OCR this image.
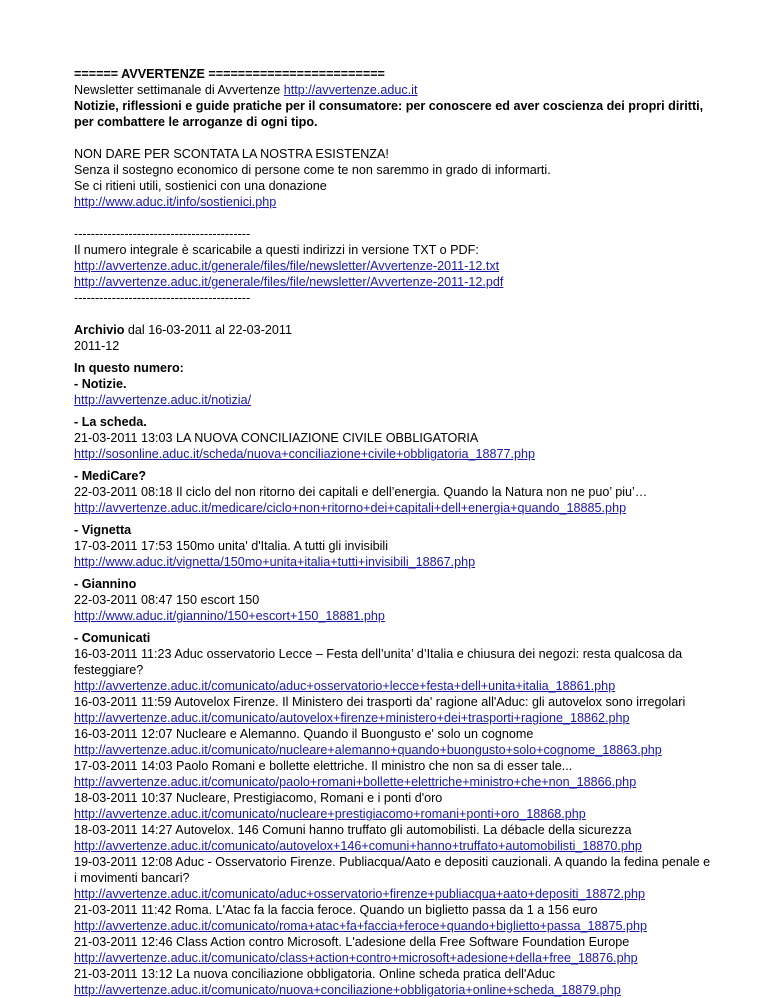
====== AVVERTENZE ========================
Newsletter settimanale di Avvertenze http://avvertenze.aduc.it
Notizie, riflessioni e guide pratiche per il consumatore: per conoscere ed aver coscienza dei propri diritti, per combattere le arroganze di ogni tipo.
NON DARE PER SCONTATA LA NOSTRA ESISTENZA!
Senza il sostegno economico di persone come te non saremmo in grado di informarti.
Se ci ritieni utili, sostienici con una donazione
http://www.aduc.it/info/sostienici.php
------------------------------------------
Il numero integrale è scaricabile a questi indirizzi in versione TXT o PDF:
http://avvertenze.aduc.it/generale/files/file/newsletter/Avvertenze-2011-12.txt
http://avvertenze.aduc.it/generale/files/file/newsletter/Avvertenze-2011-12.pdf
------------------------------------------
Archivio dal 16-03-2011 al 22-03-2011
2011-12
In questo numero:
- Notizie.
http://avvertenze.aduc.it/notizia/
- La scheda.
21-03-2011 13:03 LA NUOVA CONCILIAZIONE CIVILE OBBLIGATORIA
http://sosonline.aduc.it/scheda/nuova+conciliazione+civile+obbligatoria_18877.php
- MediCare?
22-03-2011 08:18 Il ciclo del non ritorno dei capitali e dell’energia. Quando la Natura non ne puo’ piu’…
http://avvertenze.aduc.it/medicare/ciclo+non+ritorno+dei+capitali+dell+energia+quando_18885.php
- Vignetta
17-03-2011 17:53 150mo unita' d'Italia. A tutti gli invisibili
http://www.aduc.it/vignetta/150mo+unita+italia+tutti+invisibili_18867.php
- Giannino
22-03-2011 08:47 150 escort 150
http://www.aduc.it/giannino/150+escort+150_18881.php
- Comunicati
16-03-2011 11:23 Aduc osservatorio Lecce – Festa dell’unita’ d’Italia e chiusura dei negozi: resta qualcosa da festeggiare?
http://avvertenze.aduc.it/comunicato/aduc+osservatorio+lecce+festa+dell+unita+italia_18861.php
16-03-2011 11:59 Autovelox Firenze. Il Ministero dei trasporti da' ragione all'Aduc: gli autovelox sono irregolari
http://avvertenze.aduc.it/comunicato/autovelox+firenze+ministero+dei+trasporti+ragione_18862.php
16-03-2011 12:07 Nucleare e Alemanno. Quando il Buongusto e' solo un cognome
http://avvertenze.aduc.it/comunicato/nucleare+alemanno+quando+buongusto+solo+cognome_18863.php
17-03-2011 14:03 Paolo Romani e bollette elettriche. Il ministro che non sa di esser tale...
http://avvertenze.aduc.it/comunicato/paolo+romani+bollette+elettriche+ministro+che+non_18866.php
18-03-2011 10:37 Nucleare, Prestigiacomo, Romani e i ponti d'oro
http://avvertenze.aduc.it/comunicato/nucleare+prestigiacomo+romani+ponti+oro_18868.php
18-03-2011 14:27 Autovelox. 146 Comuni hanno truffato gli automobilisti. La débacle della sicurezza
http://avvertenze.aduc.it/comunicato/autovelox+146+comuni+hanno+truffato+automobilisti_18870.php
19-03-2011 12:08 Aduc - Osservatorio Firenze. Publiacqua/Aato e depositi cauzionali. A quando la fedina penale e i movimenti bancari?
http://avvertenze.aduc.it/comunicato/aduc+osservatorio+firenze+publiacqua+aato+depositi_18872.php
21-03-2011 11:42 Roma. L'Atac fa la faccia feroce. Quando un biglietto passa da 1 a 156 euro
http://avvertenze.aduc.it/comunicato/roma+atac+fa+faccia+feroce+quando+biglietto+passa_18875.php
21-03-2011 12:46 Class Action contro Microsoft. L'adesione della Free Software Foundation Europe
http://avvertenze.aduc.it/comunicato/class+action+contro+microsoft+adesione+della+free_18876.php
21-03-2011 13:12 La nuova conciliazione obbligatoria. Online scheda pratica dell'Aduc
http://avvertenze.aduc.it/comunicato/nuova+conciliazione+obbligatoria+online+scheda_18879.php
